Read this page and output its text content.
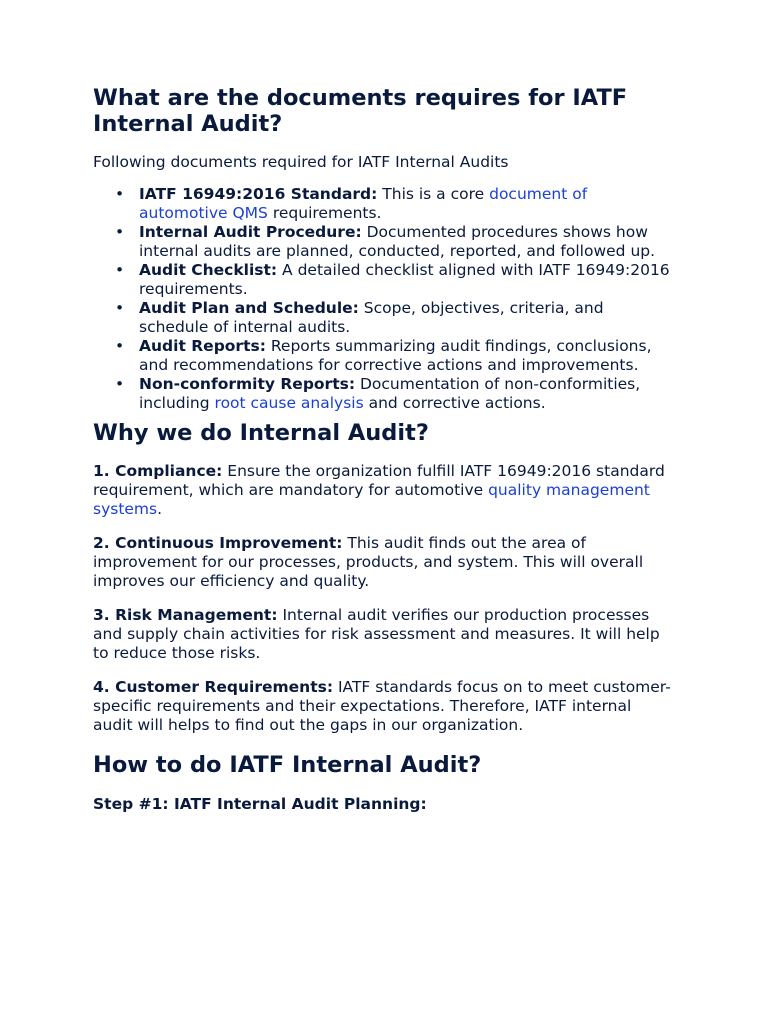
What are the documents requires for IATF Internal Audit?

Following documents required for IATF Internal Audits

• IATF 16949:2016 Standard: This is a core document of automotive QMS requirements.
• Internal Audit Procedure: Documented procedures shows how internal audits are planned, conducted, reported, and followed up.
• Audit Checklist: A detailed checklist aligned with IATF 16949:2016 requirements.
• Audit Plan and Schedule: Scope, objectives, criteria, and schedule of internal audits.
• Audit Reports: Reports summarizing audit findings, conclusions, and recommendations for corrective actions and improvements.
• Non-conformity Reports: Documentation of non-conformities, including root cause analysis and corrective actions.
Why we do Internal Audit?

1. Compliance: Ensure the organization fulfill IATF 16949:2016 standard requirement, which are mandatory for automotive quality management systems.

2. Continuous Improvement: This audit finds out the area of improvement for our processes, products, and system. This will overall improves our efficiency and quality.

3. Risk Management: Internal audit verifies our production processes and supply chain activities for risk assessment and measures. It will help to reduce those risks.

4. Customer Requirements: IATF standards focus on to meet customer-specific requirements and their expectations. Therefore, IATF internal audit will helps to find out the gaps in our organization.

How to do IATF Internal Audit?

Step #1: IATF Internal Audit Planning:
